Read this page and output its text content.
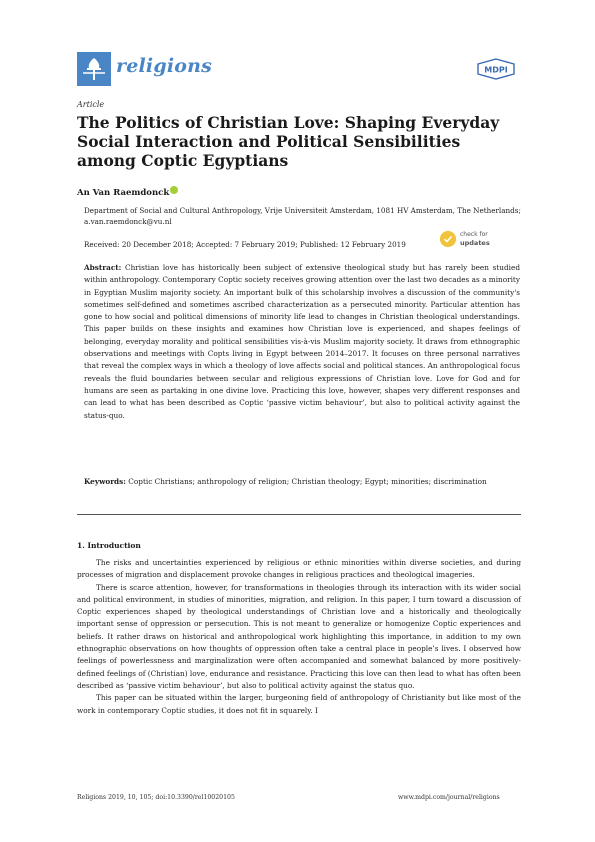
religions	MDPI
Article
The Politics of Christian Love: Shaping Everyday Social Interaction and Political Sensibilities among Coptic Egyptians
An Van Raemdonck
Department of Social and Cultural Anthropology, Vrije Universiteit Amsterdam, 1081 HV Amsterdam, The Netherlands; a.van.raemdonck@vu.nl
Received: 20 December 2018; Accepted: 7 February 2019; Published: 12 February 2019
check for
updates
Abstract: Christian love has historically been subject of extensive theological study but has rarely been studied within anthropology. Contemporary Coptic society receives growing attention over the last two decades as a minority in Egyptian Muslim majority society. An important bulk of this scholarship involves a discussion of the community's sometimes self-defined and sometimes ascribed characterization as a persecuted minority. Particular attention has gone to how social and political dimensions of minority life lead to changes in Christian theological understandings. This paper builds on these insights and examines how Christian love is experienced, and shapes feelings of belonging, everyday morality and political sensibilities vis-à-vis Muslim majority society. It draws from ethnographic observations and meetings with Copts living in Egypt between 2014–2017. It focuses on three personal narratives that reveal the complex ways in which a theology of love affects social and political stances. An anthropological focus reveals the fluid boundaries between secular and religious expressions of Christian love. Love for God and for humans are seen as partaking in one divine love. Practicing this love, however, shapes very different responses and can lead to what has been described as Coptic ‘passive victim behaviour’, but also to political activity against the status-quo.
Keywords: Coptic Christians; anthropology of religion; Christian theology; Egypt; minorities; discrimination
1. Introduction

The risks and uncertainties experienced by religious or ethnic minorities within diverse societies, and during processes of migration and displacement provoke changes in religious practices and theological imageries.

There is scarce attention, however, for transformations in theologies through its interaction with its wider social and political environment, in studies of minorities, migration, and religion. In this paper, I turn toward a discussion of Coptic experiences shaped by theological understandings of Christian love and a historically and theologically important sense of oppression or persecution. This is not meant to generalize or homogenize Coptic experiences and beliefs. It rather draws on historical and anthropological work highlighting this importance, in addition to my own ethnographic observations on how thoughts of oppression often take a central place in people’s lives. I observed how feelings of powerlessness and marginalization were often accompanied and somewhat balanced by more positively-defined feelings of (Christian) love, endurance and resistance. Practicing this love can then lead to what has often been described as ‘passive victim behaviour’, but also to political activity against the status quo.

This paper can be situated within the larger, burgeoning field of anthropology of Christianity but like most of the work in contemporary Coptic studies, it does not fit in squarely. I

Religions 2019, 10, 105; doi:10.3390/rel10020105	www.mdpi.com/journal/religions
